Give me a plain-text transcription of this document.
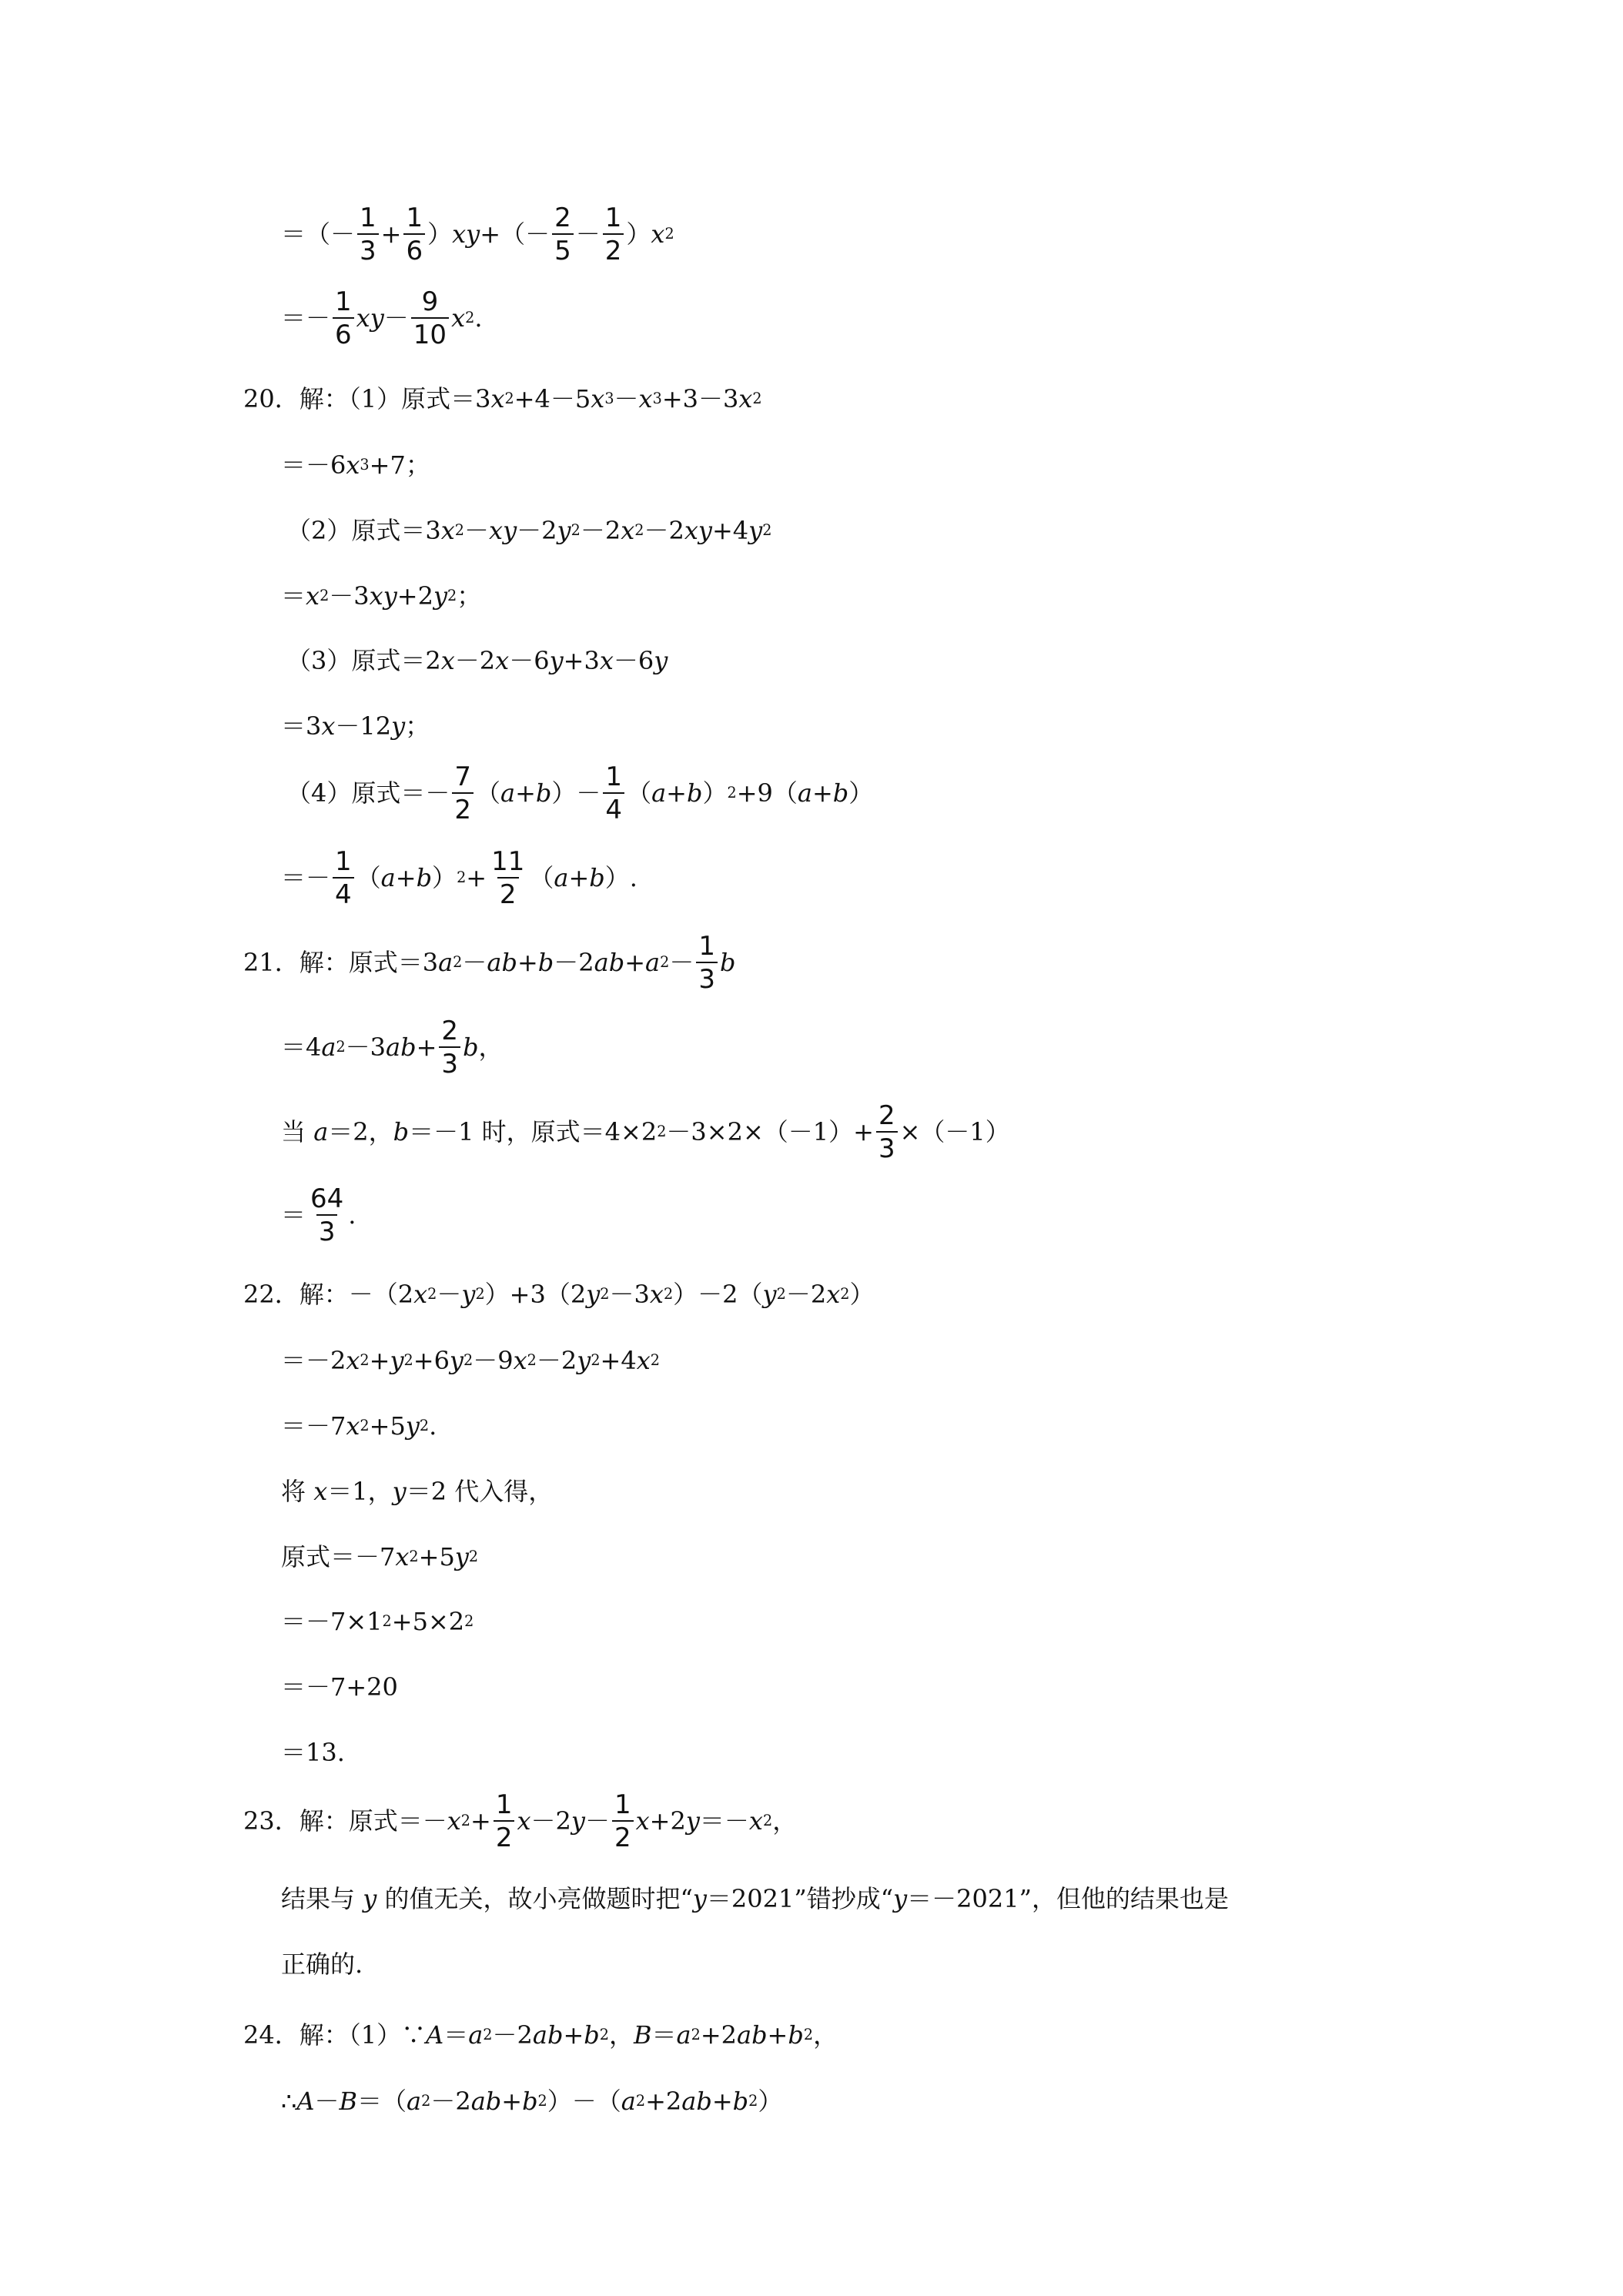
＝（－ $\frac{1}{3} + \frac{1}{6}$ ） xy +（－ $\frac{2}{5} - \frac{1}{2}$ ） x 2
＝－ $\frac{1}{6}$ xy － $\frac{9}{10}$ x 2 .
20．解：（1）原式＝3 x 2 +4－5 x 3 － x 3 +3－3 x 2
＝－6 x 3 +7；
（2）原式＝3 x 2 － xy －2 y 2 －2 x 2 －2 xy +4 y 2
＝ x 2 －3 xy +2 y 2 ；
（3）原式＝2 x －2 x －6 y +3 x －6 y
＝3 x －12 y ；
（4）原式＝－ $\frac{7}{2}$ （ a + b ）－ $\frac{1}{4}$ （ a + b ） 2 +9（ a + b ）
＝－ $\frac{1}{4}$ （ a + b ） $2 + \frac{11}{2}$ （ a + b ）.
21．解：原式＝3 a 2 － ab + b －2 ab + a $2 - \frac{1}{3}$ b
＝4 a 2 －3 ab + $\frac{2}{3}$ b ，
当 a ＝2， b ＝－1 时，原式＝4×2 $2 -3\times 2\times(-1)+ \frac{2}{3} \times(-1)$
＝ $\frac{64}{3}$ .
22．解：－（2 x 2 － y 2 ）+3（2 y 2 －3 x 2 ）－2（ y 2 －2 x 2 ）
＝－2 x 2 + y 2 +6 y 2 －9 x 2 －2 y 2 +4 x 2
＝－7 x 2 +5 y 2 .
将 x ＝1， y ＝2 代入得，
原式＝－7 x 2 +5 y 2
＝－7×1 2 +5×2 2
＝－7+20
＝13.
23．解：原式＝－ x $2 + \frac{1}{2}$ x －2 $y - \frac{1}{2}$ x +2 y ＝－ x 2 ，
结果与 y 的值无关，故小亮做题时把“ y ＝2021”错抄成“ y ＝－2021”，但他的结果也是
正确的.
24．解：（1）∵ A ＝ a 2 －2 ab + b 2 ， B ＝ a 2 +2 ab + b 2 ，
∴ A － B ＝（ a 2 －2 ab + b 2 ）－（ a 2 +2 ab + b 2 ）
